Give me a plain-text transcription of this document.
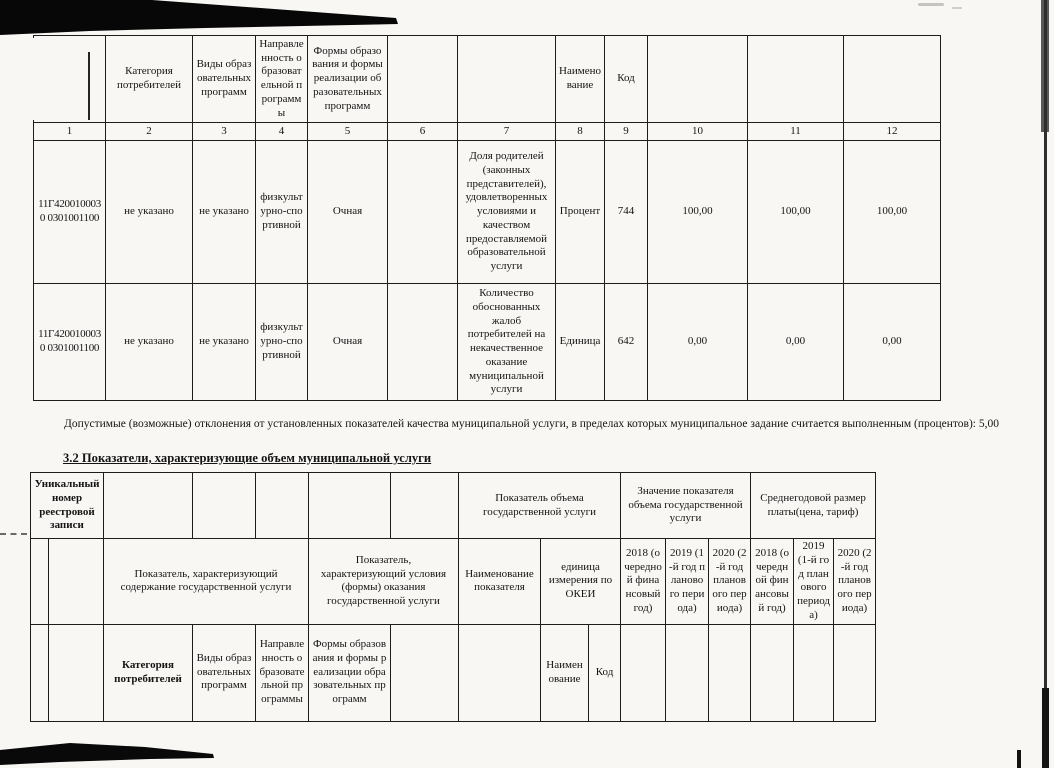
	Категория потребителей	Виды образовательных программ	Направленность образовательной программы	Формы образования и формы реализации образовательных программ			Наименование	Код			
1	2	3	4	5	6	7	8	9	10	11	12
11Г4200100030 0301001100	не указано	не указано	физкультурно-спортивной	Очная		Доля родителей (законных представителей), удовлетворенных условиями и качеством предоставляемой образовательной услуги	Процент	744	100,00	100,00	100,00
11Г4200100030 0301001100	не указано	не указано	физкультурно-спортивной	Очная		Количество обоснованных жалоб потребителей на некачественное оказание муниципальной услуги	Единица	642	0,00	0,00	0,00
Допустимые (возможные) отклонения от установленных показателей качества муниципальной услуги, в пределах которых муниципальное задание считается выполненным (процентов): 5,00
3.2 Показатели, характеризующие объем муниципальной услуги
Уникальный номер реестровой записи							Показатель объема государственной услуги			Значение показателя объема государственной услуги			Среднегодовой размер платы(цена, тариф)		
		Показатель, характеризующий содержание государственной услуги			Показатель, характеризующий условия (формы) оказания государственной услуги		Наименование показателя	единица измерения по ОКЕИ		2018 (очередной финансовый год)	2019 (1-й год планового периода)	2020 (2-й год планового периода)	2018 (очередной финансовый год)	2019 (1-й год планового периода)	2020 (2-й год планового периода)
		Категория потребителей	Виды образовательных программ	Направленность образовательной программы	Формы образования и формы реализации образовательных программ			Наименование	Код						
